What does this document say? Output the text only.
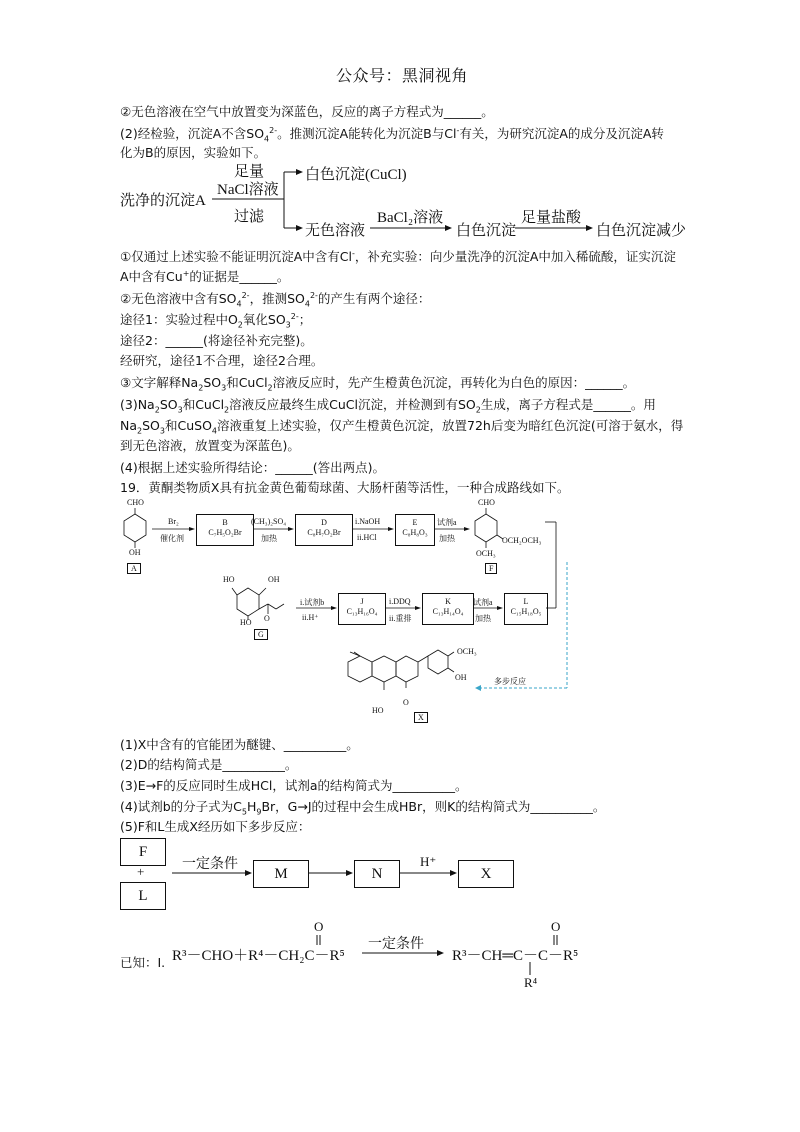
公众号：黑洞视角
②无色溶液在空气中放置变为深蓝色，反应的离子方程式为______。
(2)经检验，沉淀A不含$SO_4^{2-}$。推测沉淀A能转化为沉淀B与Cl-有关，为研究沉淀A的成分及沉淀A转
化为B的原因，实验如下。
洗净的沉淀A
足量
NaCl溶液
过滤
白色沉淀(CuCl)
无色溶液
BaCl₂溶液
白色沉淀
足量盐酸
白色沉淀减少
①仅通过上述实验不能证明沉淀A中含有Cl-，补充实验：向少量洗净的沉淀A中加入稀硫酸，证实沉淀
A中含有Cu+的证据是______。
②无色溶液中含有$SO_4^{2-}$，推测$SO_4^{2-}$的产生有两个途径：
途径1：实验过程中$O_2$氧化$SO_3^{2-}$；
途径2：______(将途径补充完整)。
经研究，途径1不合理，途径2合理。
③文字解释$Na_2SO_3$和CuCl$_2$溶液反应时，先产生橙黄色沉淀，再转化为白色的原因：______。
$(3)Na_2SO_3$和CuCl$_2$溶液反应最终生成CuCl沉淀，并检测到有$SO_2$生成，离子方程式是______。用
$Na_2SO_3$和CuSO$_4$溶液重复上述实验，仅产生橙黄色沉淀，放置72h后变为暗红色沉淀(可溶于氨水，得
到无色溶液，放置变为深蓝色)。
(4)根据上述实验所得结论：______(答出两点)。
19．黄酮类物质X具有抗金黄色葡萄球菌、大肠杆菌等活性，一种合成路线如下。
CHO
OH
A
Br₂
催化剂
B
C₇H₅O₂Br
(CH₃)₂SO₄
加热
D
C₈H₇O₂Br
i.NaOH
ii.HCl
E
C₈H₈O₃
试剂a
加热
CHO
OCH₂OCH₃
OCH₃
F
HO	OH
O
HO
G
i.试剂b
ii.H⁺
J
C₁₃H₁₆O₄
i.DDQ
ii.重排
K
C₁₃H₁₄O₄
试剂a
加热
L
C₁₅H₁₈O₅
OCH₃
OH
HO
O
X
多步反应
(1)X中含有的官能团为醚键、__________。
(2)D的结构简式是__________。
(3)E→F的反应同时生成HCl，试剂a的结构简式为__________。
(4)试剂b的分子式为$C_5H_9Br$，G→J的过程中会生成HBr，则K的结构简式为__________。
(5)F和L生成X经历如下多步反应：
F
+
L
一定条件
M	N
H⁺
X
已知：Ⅰ. R³－CHO＋R⁴－CH₂C－R⁵
O
一定条件
R³－CH═C－C－R⁵
O
R⁴
